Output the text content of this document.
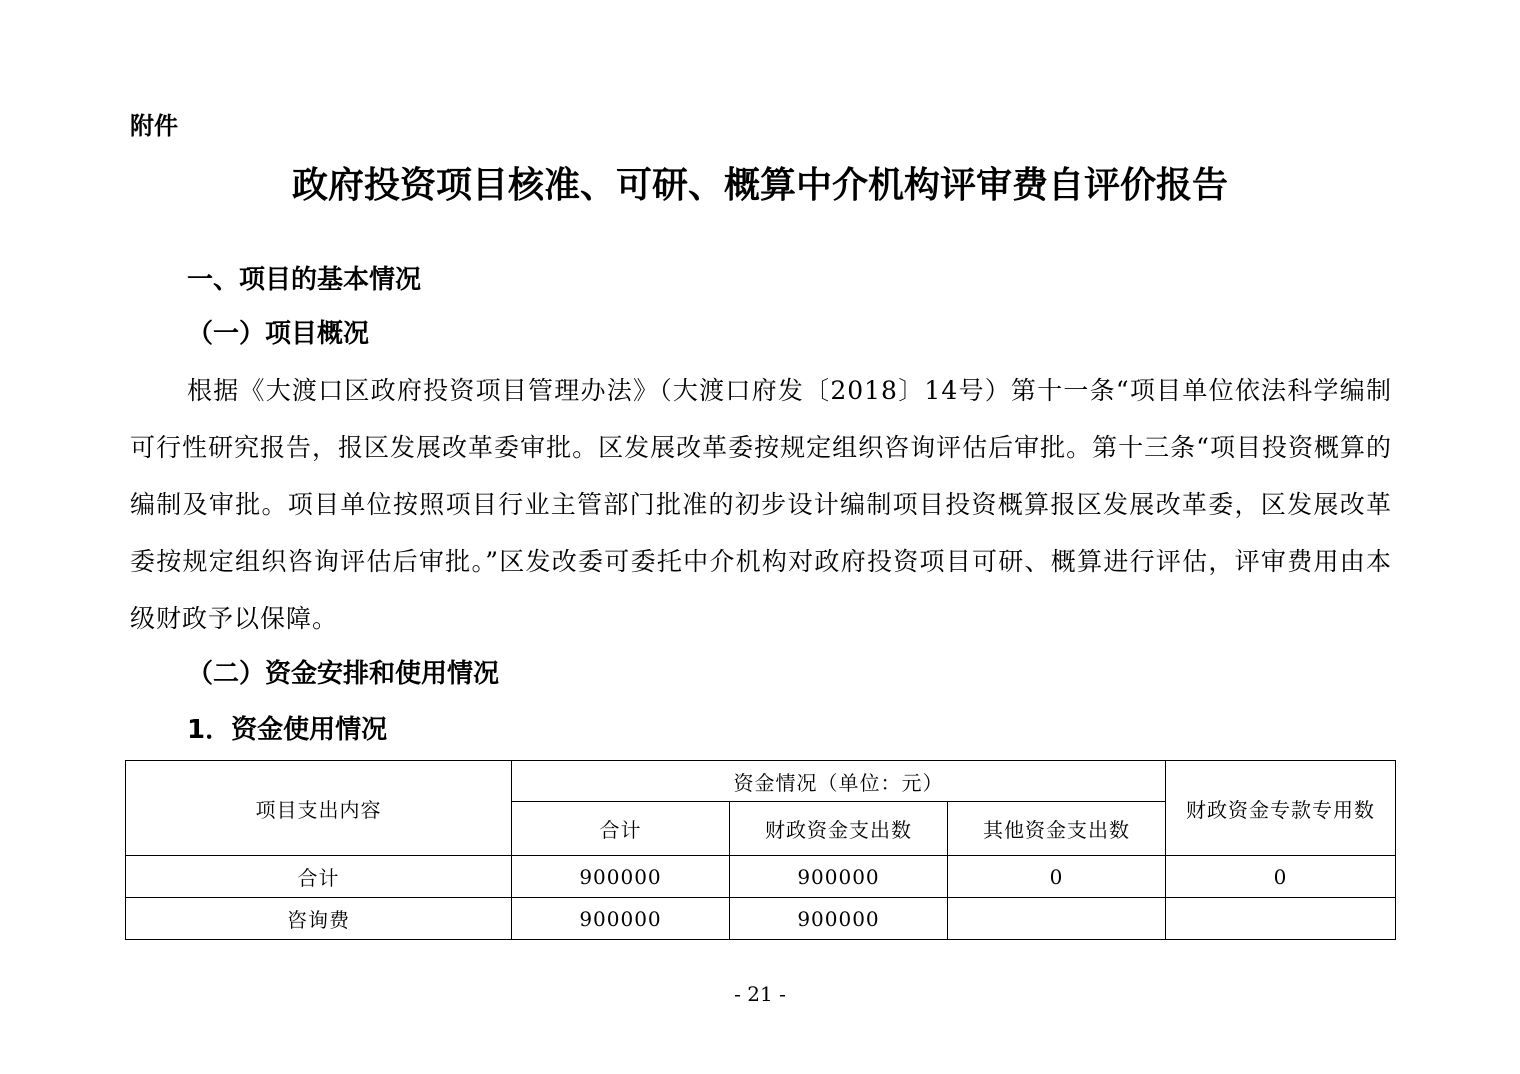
附件
政府投资项目核准、可研、概算中介机构评审费自评价报告
一、项目的基本情况
（一）项目概况

根据《大渡口区政府投资项目管理办法》（大渡口府发〔2018〕14号）第十一条“项目单位依法科学编制可行性研究报告，报区发展改革委审批。区发展改革委按规定组织咨询评估后审批。第十三条“项目投资概算的编制及审批。项目单位按照项目行业主管部门批准的初步设计编制项目投资概算报区发展改革委，区发展改革委按规定组织咨询评估后审批。”区发改委可委托中介机构对政府投资项目可研、概算进行评估，评审费用由本级财政予以保障。

（二）资金安排和使用情况
1．资金使用情况
项目支出内容	资金情况（单位：元）			财政资金专款专用数
	合计	财政资金支出数	其他资金支出数	
合计	900000	900000	0	0
咨询费	900000	900000		
- 21 -
